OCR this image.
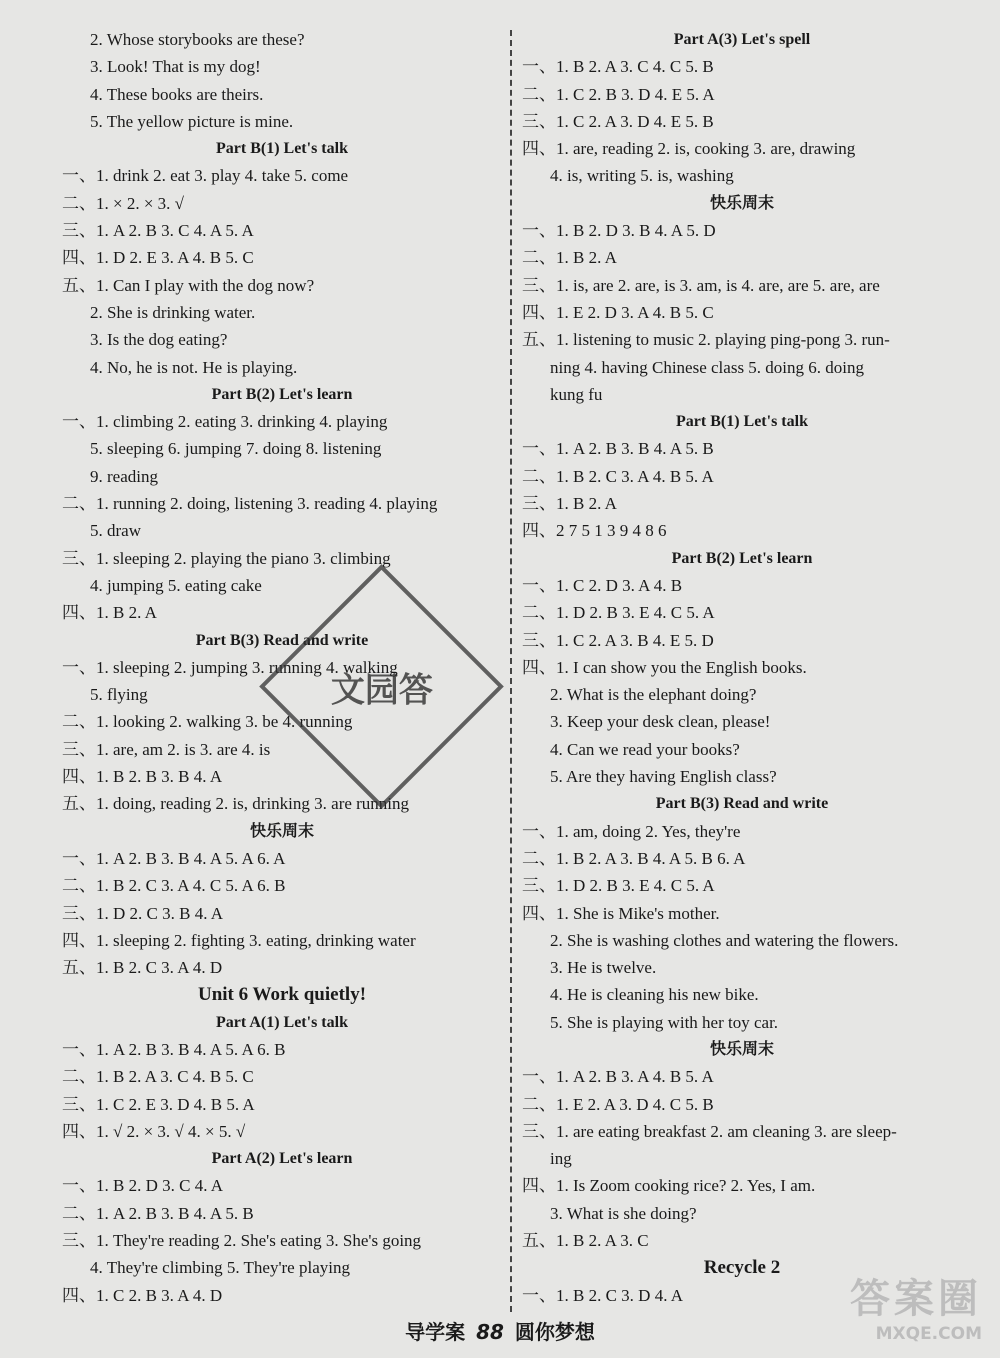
2. Whose storybooks are these?
3. Look! That is my dog!
4. These books are theirs.
5. The yellow picture is mine.
Part B(1) Let's talk
一、1. drink 2. eat 3. play 4. take 5. come
二、1. × 2. × 3. √
三、1. A 2. B 3. C 4. A 5. A
四、1. D 2. E 3. A 4. B 5. C
五、1. Can I play with the dog now?
2. She is drinking water.
3. Is the dog eating?
4. No, he is not. He is playing.
Part B(2) Let's learn
一、1. climbing 2. eating 3. drinking 4. playing
5. sleeping 6. jumping 7. doing 8. listening
9. reading
二、1. running 2. doing, listening 3. reading 4. playing
5. draw
三、1. sleeping 2. playing the piano 3. climbing
4. jumping 5. eating cake
四、1. B 2. A
Part B(3) Read and write
一、1. sleeping 2. jumping 3. running 4. walking
5. flying
二、1. looking 2. walking 3. be 4. running
三、1. are, am 2. is 3. are 4. is
四、1. B 2. B 3. B 4. A
五、1. doing, reading 2. is, drinking 3. are running
快乐周末
一、1. A 2. B 3. B 4. A 5. A 6. A
二、1. B 2. C 3. A 4. C 5. A 6. B
三、1. D 2. C 3. B 4. A
四、1. sleeping 2. fighting 3. eating, drinking water
五、1. B 2. C 3. A 4. D
Unit 6 Work quietly!
Part A(1) Let's talk
一、1. A 2. B 3. B 4. A 5. A 6. B
二、1. B 2. A 3. C 4. B 5. C
三、1. C 2. E 3. D 4. B 5. A
四、1. √ 2. × 3. √ 4. × 5. √
Part A(2) Let's learn
一、1. B 2. D 3. C 4. A
二、1. A 2. B 3. B 4. A 5. B
三、1. They're reading 2. She's eating 3. She's going
4. They're climbing 5. They're playing
四、1. C 2. B 3. A 4. D
Part A(3) Let's spell
一、1. B 2. A 3. C 4. C 5. B
二、1. C 2. B 3. D 4. E 5. A
三、1. C 2. A 3. D 4. E 5. B
四、1. are, reading 2. is, cooking 3. are, drawing
4. is, writing 5. is, washing
快乐周末
一、1. B 2. D 3. B 4. A 5. D
二、1. B 2. A
三、1. is, are 2. are, is 3. am, is 4. are, are 5. are, are
四、1. E 2. D 3. A 4. B 5. C
五、1. listening to music 2. playing ping-pong 3. run-
ning 4. having Chinese class 5. doing 6. doing
kung fu
Part B(1) Let's talk
一、1. A 2. B 3. B 4. A 5. B
二、1. B 2. C 3. A 4. B 5. A
三、1. B 2. A
四、2 7 5 1 3 9 4 8 6
Part B(2) Let's learn
一、1. C 2. D 3. A 4. B
二、1. D 2. B 3. E 4. C 5. A
三、1. C 2. A 3. B 4. E 5. D
四、1. I can show you the English books.
2. What is the elephant doing?
3. Keep your desk clean, please!
4. Can we read your books?
5. Are they having English class?
Part B(3) Read and write
一、1. am, doing 2. Yes, they're
二、1. B 2. A 3. B 4. A 5. B 6. A
三、1. D 2. B 3. E 4. C 5. A
四、1. She is Mike's mother.
2. She is washing clothes and watering the flowers.
3. He is twelve.
4. He is cleaning his new bike.
5. She is playing with her toy car.
快乐周末
一、1. A 2. B 3. A 4. B 5. A
二、1. E 2. A 3. D 4. C 5. B
三、1. are eating breakfast 2. am cleaning 3. are sleep-
ing
四、1. Is Zoom cooking rice? 2. Yes, I am.
3. What is she doing?
五、1. B 2. A 3. C
Recycle 2
一、1. B 2. C 3. D 4. A
文园答
导学案 88 圆你梦想
答案圈
MXQE.COM
